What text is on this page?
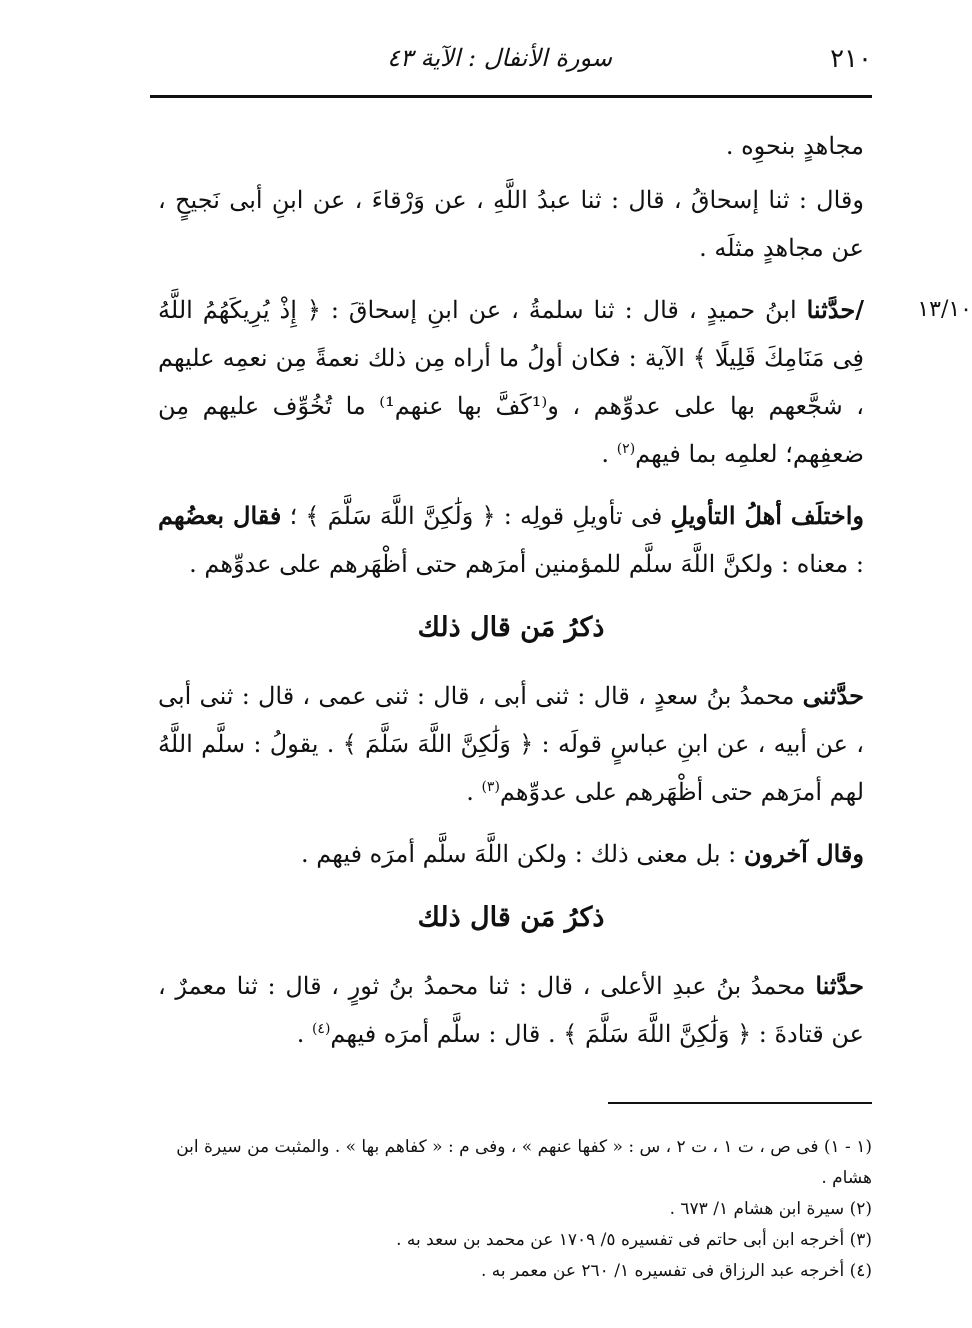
٢١٠
سورة الأنفال : الآية ٤٣

مجاهدٍ بنحوِه .

وقال : ثنا إسحاقُ ، قال : ثنا عبدُ اللَّهِ ، عن وَرْقاءَ ، عن ابنِ أبى نَجيحٍ ، عن مجاهدٍ مثلَه .

١٣/١٠
/حدَّثنا ابنُ حميدٍ ، قال : ثنا سلمةُ ، عن ابنِ إسحاقَ : ﴿ إِذْ يُرِيكَهُمُ اللَّهُ فِى مَنَامِكَ قَلِيلًا ﴾ الآية : فكان أولُ ما أراه مِن ذلك نعمةً مِن نعمِه عليهم ، شجَّعهم بها على عدوِّهم ، و⁽¹كَفَّ بها عنهم¹⁾ ما تُخُوِّف عليهم مِن ضعفِهم؛ لعلمِه بما فيهم$^{(٢)}$ .

واختلَف أهلُ التأويلِ فى تأويلِ قولِه : ﴿ وَلَٰكِنَّ اللَّهَ سَلَّمَ ﴾ ؛ فقال بعضُهم : معناه : ولكنَّ اللَّهَ سلَّم للمؤمنين أمرَهم حتى أظْهَرهم على عدوِّهم .

ذكرُ مَن قال ذلك

حدَّثنى محمدُ بنُ سعدٍ ، قال : ثنى أبى ، قال : ثنى عمى ، قال : ثنى أبى ، عن أبيه ، عن ابنِ عباسٍ قولَه : ﴿ وَلَٰكِنَّ اللَّهَ سَلَّمَ ﴾ . يقولُ : سلَّم اللَّهُ لهم أمرَهم حتى أظْهَرهم على عدوِّهم$^{(٣)}$ .

وقال آخرون : بل معنى ذلك : ولكن اللَّهَ سلَّم أمرَه فيهم .

ذكرُ مَن قال ذلك

حدَّثنا محمدُ بنُ عبدِ الأعلى ، قال : ثنا محمدُ بنُ ثورٍ ، قال : ثنا معمرٌ ، عن قتادةَ : ﴿ وَلَٰكِنَّ اللَّهَ سَلَّمَ ﴾ . قال : سلَّم أمرَه فيهم$^{(٤)}$ .

(١ - ١) فى ص ، ت ١ ، ت ٢ ، س : « كفها عنهم » ، وفى م : « كفاهم بها » . والمثبت من سيرة ابن هشام .

(٢) سيرة ابن هشام ١/ ٦٧٣ .

(٣) أخرجه ابن أبى حاتم فى تفسيره ٥/ ١٧٠٩ عن محمد بن سعد به .

(٤) أخرجه عبد الرزاق فى تفسيره ١/ ٢٦٠ عن معمر به .
